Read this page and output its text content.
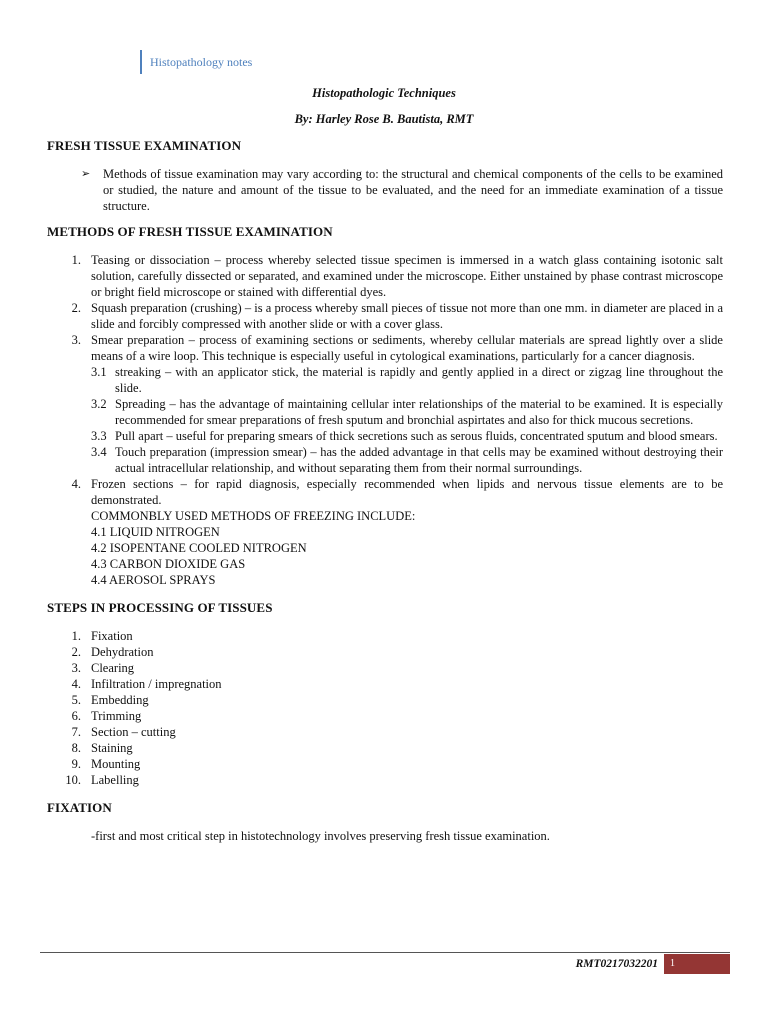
Histopathology notes
Histopathologic Techniques
By: Harley Rose B. Bautista, RMT
FRESH TISSUE EXAMINATION
➢	Methods of tissue examination may vary according to: the structural and chemical components of the cells to be examined or studied, the nature and amount of the tissue to be evaluated, and the need for an immediate examination of a tissue structure.
METHODS OF FRESH TISSUE EXAMINATION
1. Teasing or dissociation – process whereby selected tissue specimen is immersed in a watch glass containing isotonic salt solution, carefully dissected or separated, and examined under the microscope. Either unstained by phase contrast microscope or bright field microscope or stained with differential dyes.
2. Squash preparation (crushing) – is a process whereby small pieces of tissue not more than one mm. in diameter are placed in a slide and forcibly compressed with another slide or with a cover glass.
3. Smear preparation – process of examining sections or sediments, whereby cellular materials are spread lightly over a slide means of a wire loop. This technique is especially useful in cytological examinations, particularly for a cancer diagnosis.
3.1 streaking – with an applicator stick, the material is rapidly and gently applied in a direct or zigzag line throughout the slide.
3.2 Spreading – has the advantage of maintaining cellular inter relationships of the material to be examined. It is especially recommended for smear preparations of fresh sputum and bronchial aspirtates and also for thick mucous secretions.
3.3 Pull apart – useful for preparing smears of thick secretions such as serous fluids, concentrated sputum and blood smears.
3.4 Touch preparation (impression smear) – has the added advantage in that cells may be examined without destroying their actual intracellular relationship, and without separating them from their normal surroundings.
4. Frozen sections – for rapid diagnosis, especially recommended when lipids and nervous tissue elements are to be demonstrated.

COMMONBLY USED METHODS OF FREEZING INCLUDE:

4.1 LIQUID NITROGEN

4.2 ISOPENTANE COOLED NITROGEN

4.3 CARBON DIOXIDE GAS

4.4 AEROSOL SPRAYS

STEPS IN PROCESSING OF TISSUES
1. Fixation
2. Dehydration
3. Clearing
4. Infiltration / impregnation
5. Embedding
6. Trimming
7. Section – cutting
8. Staining
9. Mounting
10. Labelling
FIXATION

-first and most critical step in histotechnology involves preserving fresh tissue examination.

RMT0217032201	1
